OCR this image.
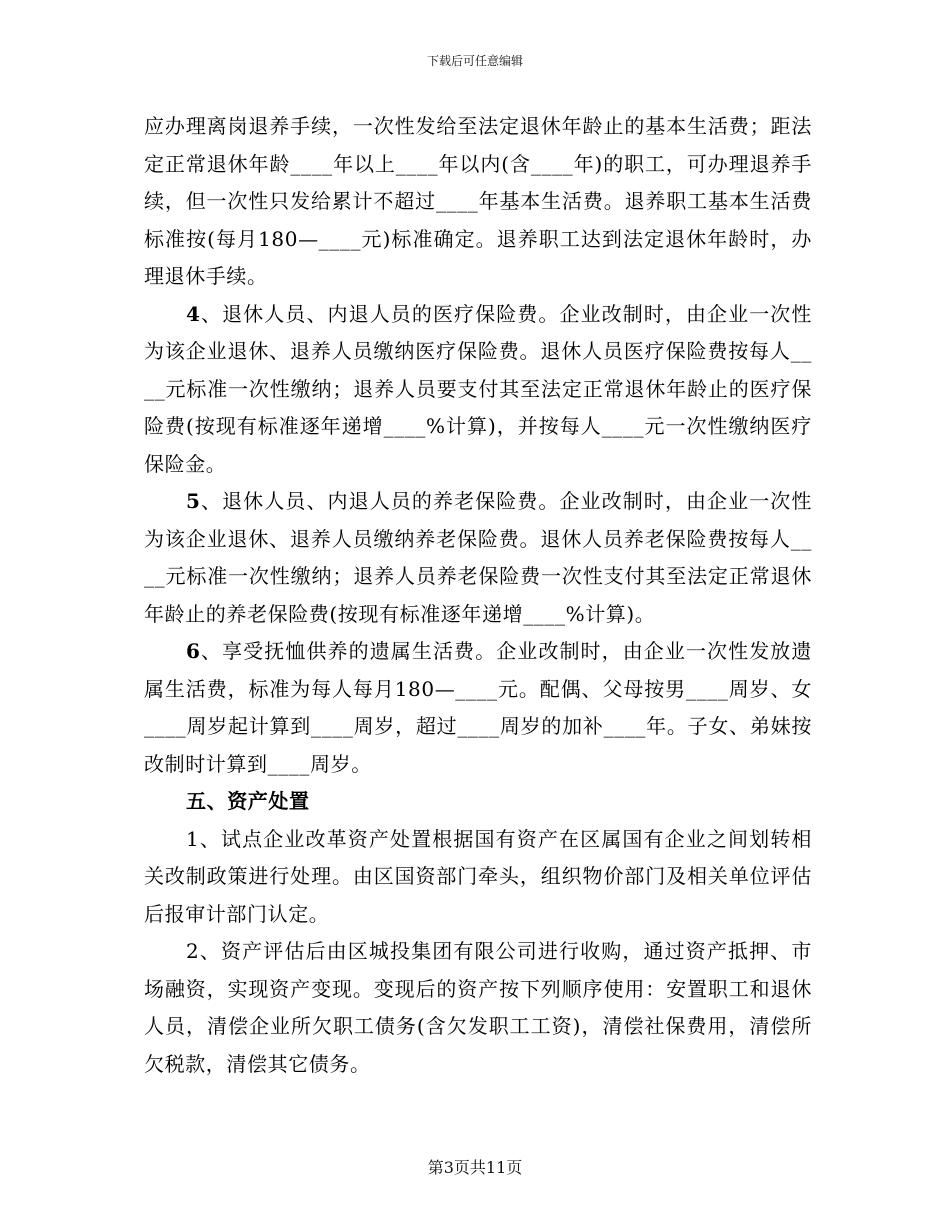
下载后可任意编辑

应办理离岗退养手续，一次性发给至法定退休年龄止的基本生活费；距法定正常退休年龄____年以上____年以内(含____年)的职工，可办理退养手续，但一次性只发给累计不超过____年基本生活费。退养职工基本生活费标准按(每月180—____元)标准确定。退养职工达到法定退休年龄时，办理退休手续。

4、退休人员、内退人员的医疗保险费。企业改制时，由企业一次性为该企业退休、退养人员缴纳医疗保险费。退休人员医疗保险费按每人____元标准一次性缴纳；退养人员要支付其至法定正常退休年龄止的医疗保险费(按现有标准逐年递增____%计算)，并按每人____元一次性缴纳医疗保险金。

5、退休人员、内退人员的养老保险费。企业改制时，由企业一次性为该企业退休、退养人员缴纳养老保险费。退休人员养老保险费按每人____元标准一次性缴纳；退养人员养老保险费一次性支付其至法定正常退休年龄止的养老保险费(按现有标准逐年递增____%计算)。

6、享受抚恤供养的遗属生活费。企业改制时，由企业一次性发放遗属生活费，标准为每人每月180—____元。配偶、父母按男____周岁、女____周岁起计算到____周岁，超过____周岁的加补____年。子女、弟妹按改制时计算到____周岁。

五、资产处置

1、试点企业改革资产处置根据国有资产在区属国有企业之间划转相关改制政策进行处理。由区国资部门牵头，组织物价部门及相关单位评估后报审计部门认定。

2、资产评估后由区城投集团有限公司进行收购，通过资产抵押、市场融资，实现资产变现。变现后的资产按下列顺序使用：安置职工和退休人员，清偿企业所欠职工债务(含欠发职工工资)，清偿社保费用，清偿所欠税款，清偿其它债务。

第3页共11页
